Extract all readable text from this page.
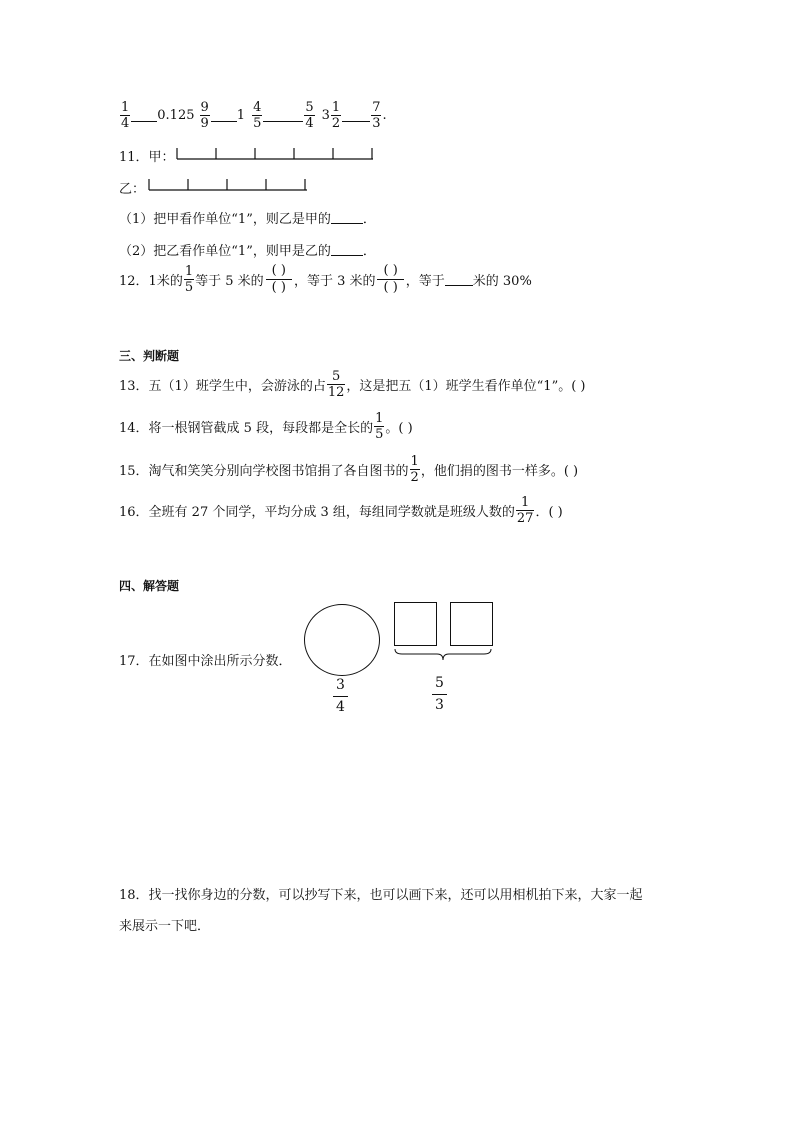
$\frac{1}{4} 0.125 \frac{9}{9} 1 \frac{4}{5}$	$\frac{5}{4} 3 \frac{1}{2} \frac{7}{3}$ .
11．甲：
乙：
（1）把甲看作单位“1”，则乙是甲的 ．
（2）把乙看作单位“1”，则甲是乙的 ．
12．1米的 $\frac{1}{5}$ 等于 5 米的 $\frac{( )}{( )}$ ，等于 3 米的 $\frac{( )}{( )}$ ，等于 米的 30%
三、判断题
13．五（1）班学生中，会游泳的占 $\frac{5}{12}$ ，这是把五（1）班学生看作单位“1”。( )
14．将一根钢管截成 5 段，每段都是全长的 $\frac{1}{5}$ 。( )
15．淘气和笑笑分别向学校图书馆捐了各自图书的 $\frac{1}{2}$ ，他们捐的图书一样多。( )
16．全班有 27 个同学，平均分成 3 组，每组同学数就是班级人数的 $\frac{1}{27}$ ．( )
四、解答题
17．在如图中涂出所示分数．
$\frac{3}{4}$	$\frac{5}{3}$
18．找一找你身边的分数，可以抄写下来，也可以画下来，还可以用相机拍下来，大家一起
来展示一下吧．
